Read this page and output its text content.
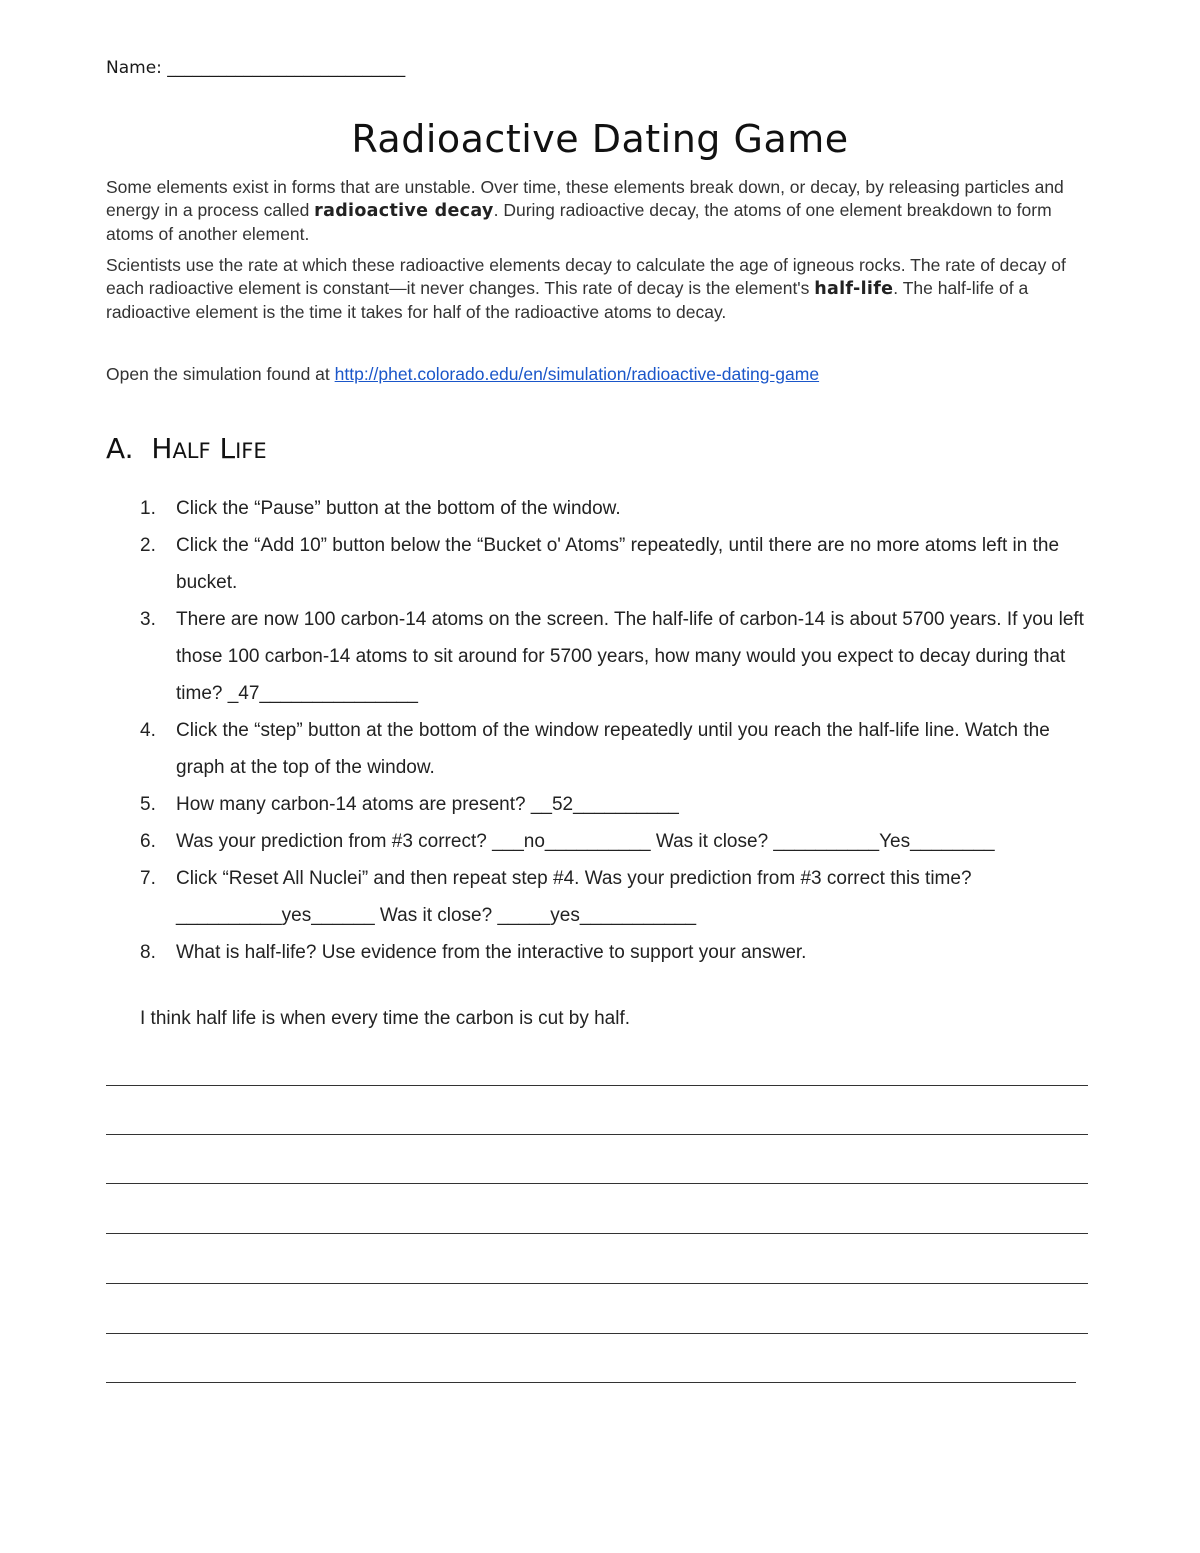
Name: ____________________________
Radioactive Dating Game
Some elements exist in forms that are unstable. Over time, these elements break down, or decay, by releasing particles and energy in a process called radioactive decay. During radioactive decay, the atoms of one element breakdown to form atoms of another element.
Scientists use the rate at which these radioactive elements decay to calculate the age of igneous rocks. The rate of decay of each radioactive element is constant—it never changes. This rate of decay is the element's half-life. The half-life of a radioactive element is the time it takes for half of the radioactive atoms to decay.
Open the simulation found at http://phet.colorado.edu/en/simulation/radioactive-dating-game
A. HALF LIFE
1. Click the “Pause” button at the bottom of the window.
2. Click the “Add 10” button below the “Bucket o' Atoms” repeatedly, until there are no more atoms left in the bucket.
3. There are now 100 carbon-14 atoms on the screen. The half-life of carbon-14 is about 5700 years. If you left those 100 carbon-14 atoms to sit around for 5700 years, how many would you expect to decay during that time? _47_______________
4. Click the “step” button at the bottom of the window repeatedly until you reach the half-life line. Watch the graph at the top of the window.
5. How many carbon-14 atoms are present? __52__________
6. Was your prediction from #3 correct? ___no__________ Was it close? __________Yes________
7. Click “Reset All Nuclei” and then repeat step #4. Was your prediction from #3 correct this time? __________yes______ Was it close? _____yes___________
8. What is half-life? Use evidence from the interactive to support your answer.
I think half life is when every time the carbon is cut by half.
